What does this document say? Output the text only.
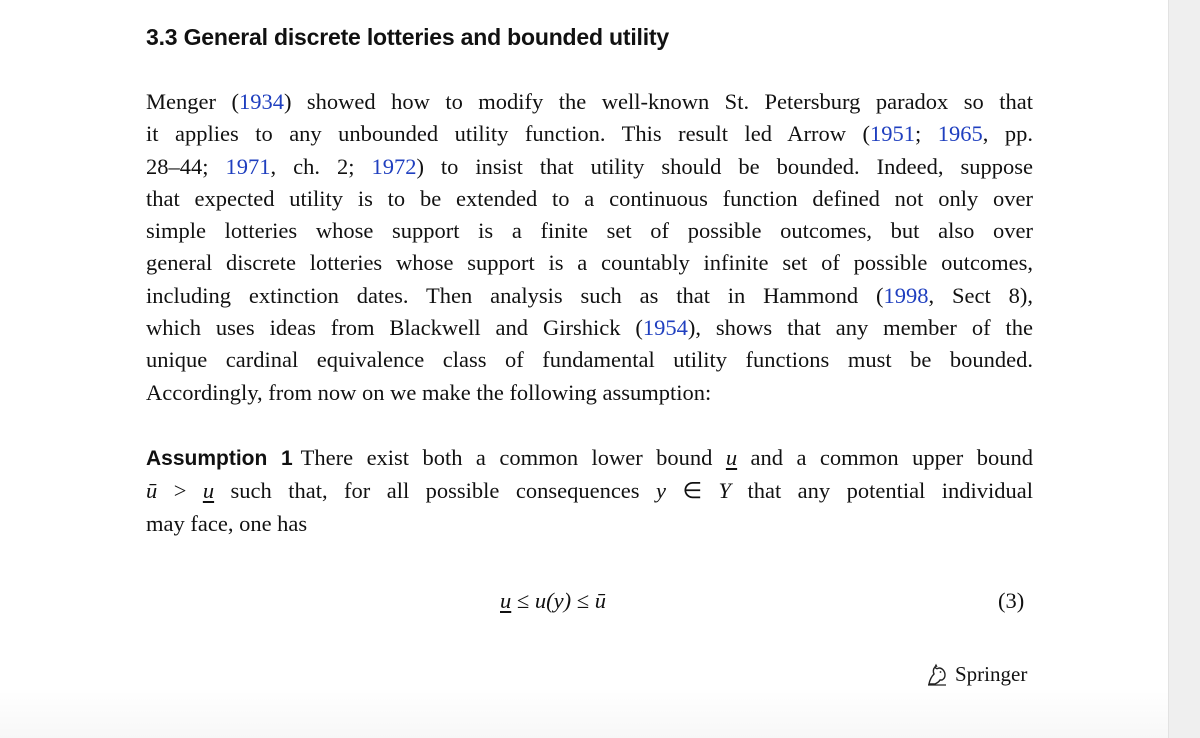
3.3 General discrete lotteries and bounded utility

Menger (1934) showed how to modify the well-known St. Petersburg paradox so that
it applies to any unbounded utility function. This result led Arrow (1951; 1965, pp.
28–44; 1971, ch. 2; 1972) to insist that utility should be bounded. Indeed, suppose
that expected utility is to be extended to a continuous function defined not only over
simple lotteries whose support is a finite set of possible outcomes, but also over
general discrete lotteries whose support is a countably infinite set of possible outcomes,
including extinction dates. Then analysis such as that in Hammond (1998, Sect 8),
which uses ideas from Blackwell and Girshick (1954), shows that any member of the
unique cardinal equivalence class of fundamental utility functions must be bounded.
Accordingly, from now on we make the following assumption:

Assumption 1 There exist both a common lower bound u and a common upper bound
ū > u such that, for all possible consequences y ∈ Y that any potential individual
may face, one has

u ≤ u(y) ≤ ū	(3)
Springer
